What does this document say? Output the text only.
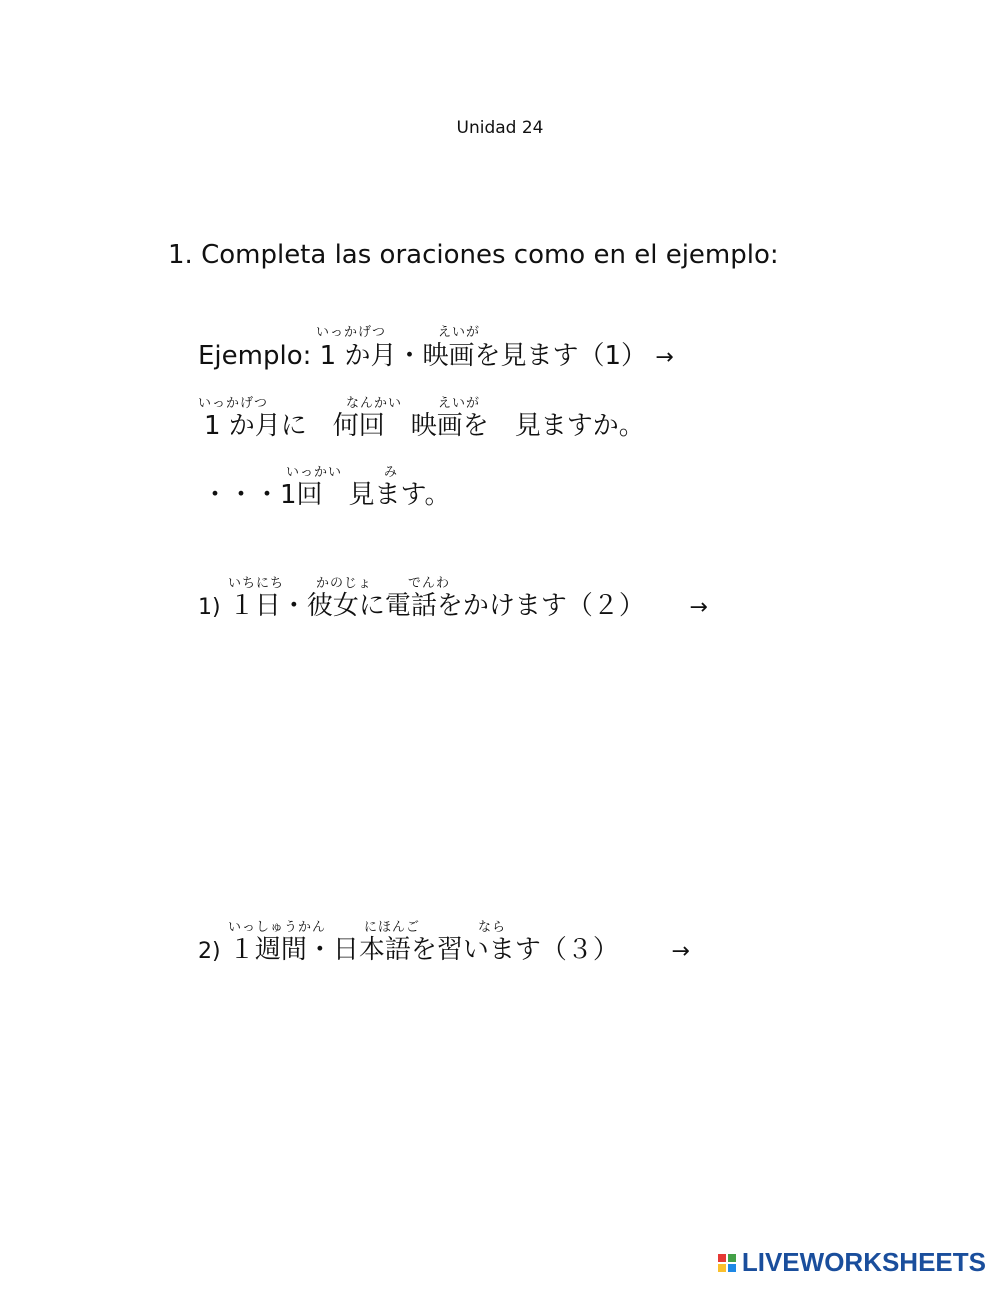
Unidad 24
1. Completa las oraciones como en el ejemplo:
いっかげつ	えいが
Ejemplo: 1 か月・映画を見ます（1） →
いっかげつ	なんかい	えいが
1 か月に　何回　映画を　見ますか。
いっかい	み
・・・1回　見ます。
いちにち かのじょ	でんわ
1) １日・彼女に電話をかけます（２） →
いっしゅうかん	にほんご	なら
2) １週間・日本語を習います（３） →
LIVEWORKSHEETS
